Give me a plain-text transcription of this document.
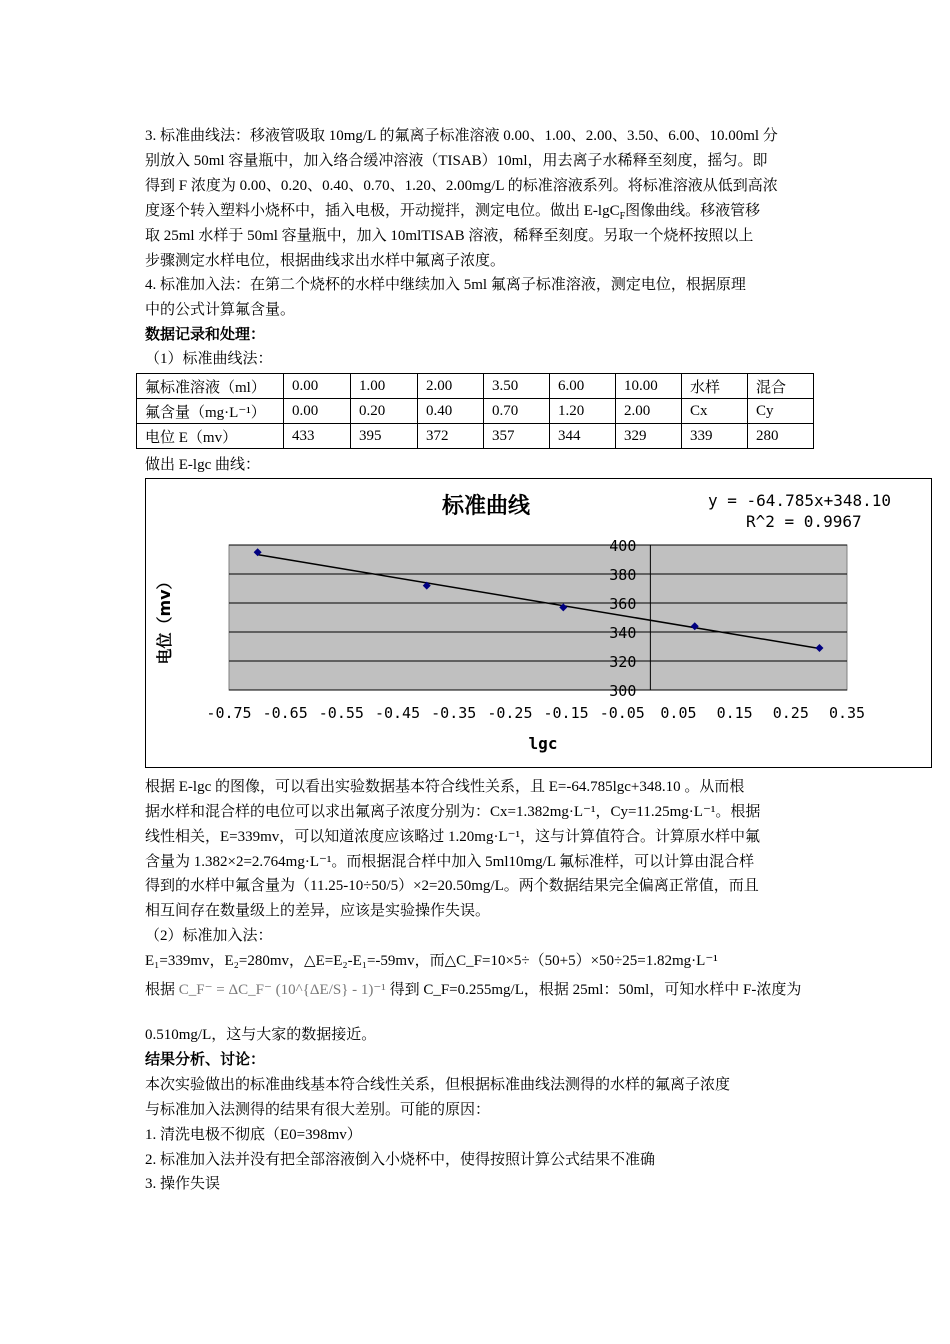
3. 标准曲线法：移液管吸取 10mg/L 的氟离子标准溶液 0.00、1.00、2.00、3.50、6.00、10.00ml 分
别放入 50ml 容量瓶中，加入络合缓冲溶液（TISAB）10ml，用去离子水稀释至刻度，摇匀。即
得到 F 浓度为 0.00、0.20、0.40、0.70、1.20、2.00mg/L 的标准溶液系列。将标准溶液从低到高浓
度逐个转入塑料小烧杯中，插入电极，开动搅拌，测定电位。做出 E-lgC$_F$图像曲线。移液管移
取 25ml 水样于 50ml 容量瓶中，加入 10mlTISAB 溶液，稀释至刻度。另取一个烧杯按照以上
步骤测定水样电位，根据曲线求出水样中氟离子浓度。
4. 标准加入法：在第二个烧杯的水样中继续加入 5ml 氟离子标准溶液，测定电位，根据原理
中的公式计算氟含量。
数据记录和处理：
（1）标准曲线法：
氟标准溶液（ml）	0.00	1.00	2.00	3.50	6.00	10.00	水样	混合
氟含量（mg·L⁻¹）	0.00	0.20	0.40	0.70	1.20	2.00	Cx	Cy
电位 E（mv）	433	395	372	357	344	329	339	280
做出 E-lgc 曲线：
标准曲线	y = -64.785x+348.10
R^2 = 0.9967
400
380
360
340
320
300
-0.75 -0.65 -0.55 -0.45 -0.35 -0.25 -0.15 -0.05 0.05 0.15 0.25 0.35
lgc
电位（mv）
根据 E-lgc 的图像，可以看出实验数据基本符合线性关系，且 E=-64.785lgc+348.10 。从而根
据水样和混合样的电位可以求出氟离子浓度分别为：Cx=1.382mg·L⁻¹，Cy=11.25mg·L⁻¹。根据
线性相关，E=339mv，可以知道浓度应该略过 1.20mg·L⁻¹，这与计算值符合。计算原水样中氟
含量为 1.382×2=2.764mg·L⁻¹。而根据混合样中加入 5ml10mg/L 氟标准样，可以计算由混合样
得到的水样中氟含量为（11.25-10÷50/5）×2=20.50mg/L。两个数据结果完全偏离正常值，而且
相互间存在数量级上的差异，应该是实验操作失误。
（2）标准加入法：
E₁=339mv，E₂=280mv，△E=E₂-E₁=-59mv，而△C_F=10×5÷（50+5）×50÷25=1.82mg·L⁻¹
根据 C_F⁻ = ΔC_F⁻ (10^{ΔE/S} - 1)⁻¹ 得到 C_F=0.255mg/L，根据 25ml：50ml，可知水样中 F-浓度为
0.510mg/L，这与大家的数据接近。
结果分析、讨论：
本次实验做出的标准曲线基本符合线性关系，但根据标准曲线法测得的水样的氟离子浓度
与标准加入法测得的结果有很大差别。可能的原因：
1. 清洗电极不彻底（E0=398mv）
2. 标准加入法并没有把全部溶液倒入小烧杯中，使得按照计算公式结果不准确
3. 操作失误
